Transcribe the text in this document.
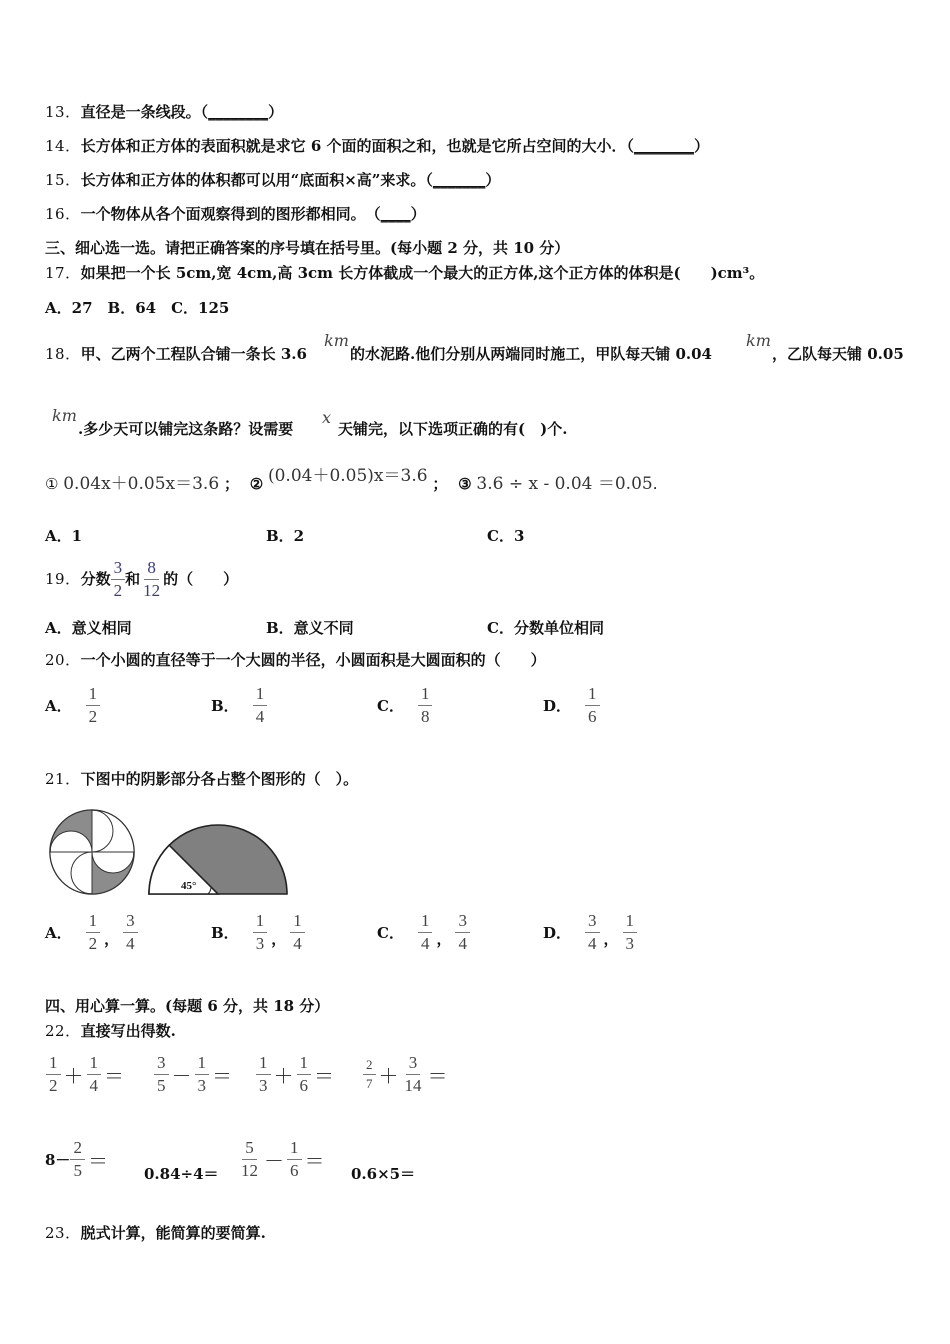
13．直径是一条线段。（________）
14．长方体和正方体的表面积就是求它 6 个面的面积之和，也就是它所占空间的大小．（________）
15．长方体和正方体的体积都可以用“底面积×高”来求。（_______）
16．一个物体从各个面观察得到的图形都相同。　（____）
三、细心选一选。请把正确答案的序号填在括号里。(每小题 2 分，共 10 分）
17．如果把一个长 5cm,宽 4cm,高 3cm 长方体截成一个最大的正方体,这个正方体的体积是(　　)cm³。
A．27　B．64　C．125
18．甲、乙两个工程队合铺一条长 3.6
km
的水泥路.他们分别从两端同时施工，甲队每天铺 0.04
km
，乙队每天铺 0.05
km
.多少天可以铺完这条路？设需要
x
天铺完，以下选项正确的有(　)个.
① 0.04x＋0.05x＝3.6 ； ② (0.04＋0.05)x＝3.6 ； ③ 3.6 ÷ x - 0.04 ＝0.05.
A．1	B．2	C．3
19． 分数 $\frac{3}{2}$ 和 $\frac{8}{12}$ 的（　　）
A．意义相同	B．意义不同	C．分数单位相同
20．一个小圆的直径等于一个大圆的半径，小圆面积是大圆面积的（　　）
A． $\frac{1}{2}$	B． $\frac{1}{4}$	C． $\frac{1}{8}$	D． $\frac{1}{6}$
21．下图中的阴影部分各占整个图形的（　）。
45°
A． $\frac{1}{2}$ ， $\frac{3}{4}$	B． $\frac{1}{3}$ ， $\frac{1}{4}$	C． $\frac{1}{4}$ ， $\frac{3}{4}$	D． $\frac{3}{4}$ ， $\frac{1}{3}$
四、用心算一算。(每题 6 分，共 18 分）
22．直接写出得数.
$\frac{1}{2} + \frac{1}{4} = \frac{3}{5} - \frac{1}{3} = \frac{1}{3} + \frac{1}{6} = \frac{2}{7} + \frac{3}{14}$ ＝
$8- \frac{2}{5}$ ＝
$0.84\div 4= \frac{5}{12} - \frac{1}{6}$ ＝
0.6×5＝
23．脱式计算，能简算的要简算.
